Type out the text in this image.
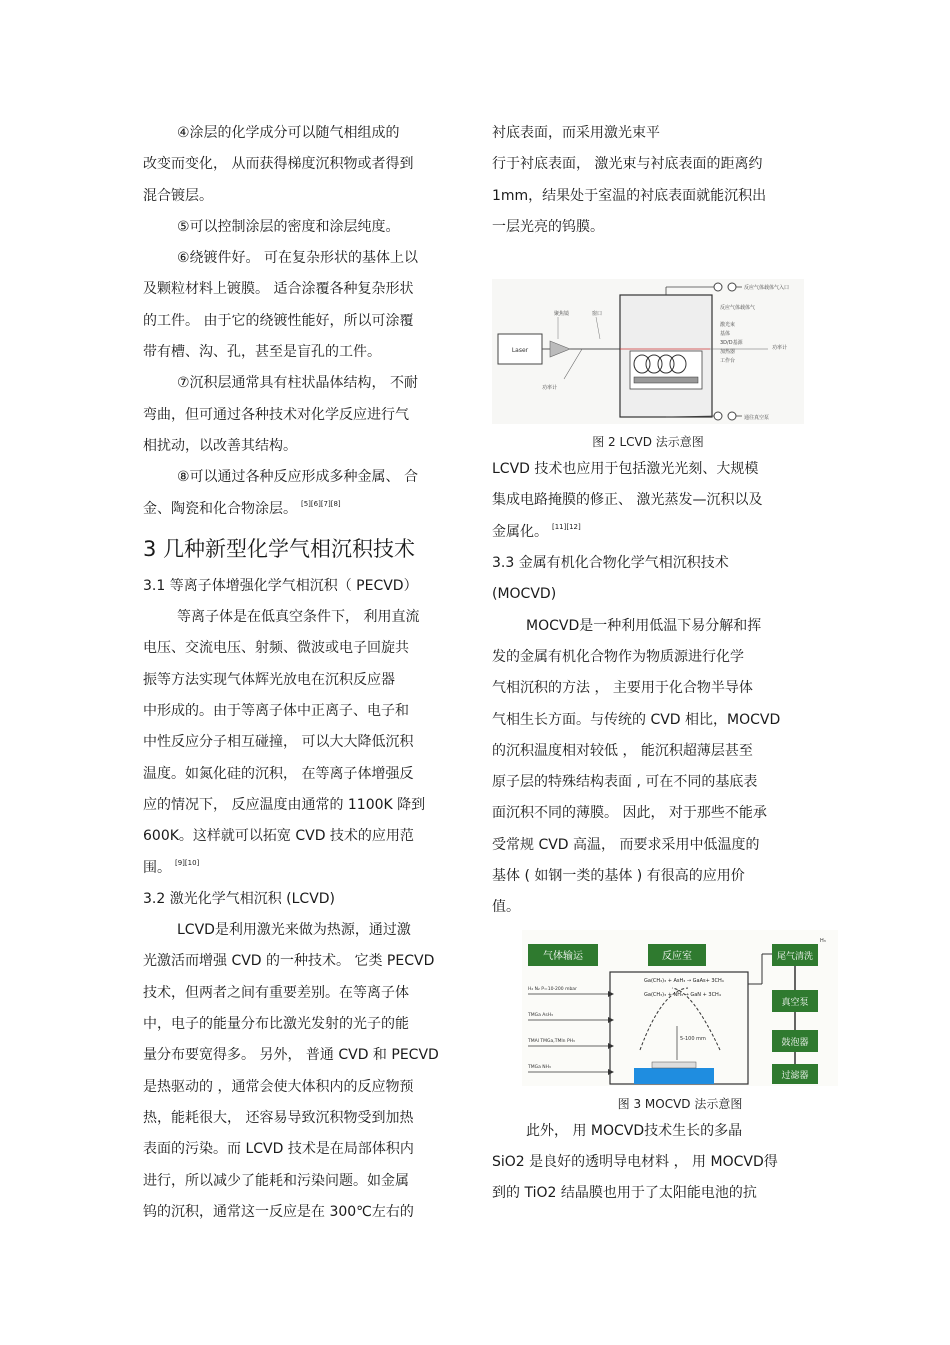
④涂层的化学成分可以随气相组成的
改变而变化， 从而获得梯度沉积物或者得到
混合镀层。
⑤可以控制涂层的密度和涂层纯度。
⑥绕镀件好。 可在复杂形状的基体上以
及颗粒材料上镀膜。 适合涂覆各种复杂形状
的工件。 由于它的绕镀性能好，所以可涂覆
带有槽、沟、孔，甚至是盲孔的工件。
⑦沉积层通常具有柱状晶体结构， 不耐
弯曲，但可通过各种技术对化学反应进行气
相扰动，以改善其结构。
⑧可以通过各种反应形成多种金属、 合
金、陶瓷和化合物涂层。 [5][6][7][8]
3 几种新型化学气相沉积技术
3.1 等离子体增强化学气相沉积（ PECVD）
等离子体是在低真空条件下， 利用直流
电压、交流电压、射频、微波或电子回旋共
振等方法实现气体辉光放电在沉积反应器
中形成的。由于等离子体中正离子、电子和
中性反应分子相互碰撞， 可以大大降低沉积
温度。如氮化硅的沉积， 在等离子体增强反
应的情况下， 反应温度由通常的 1100K 降到
600K。这样就可以拓宽 CVD 技术的应用范
围。 [9][10]
3.2 激光化学气相沉积 (LCVD)
LCVD是利用激光来做为热源，通过激
光激活而增强 CVD 的一种技术。 它类 PECVD
技术，但两者之间有重要差别。在等离子体
中，电子的能量分布比激光发射的光子的能
量分布要宽得多。 另外， 普通 CVD 和 PECVD
是热驱动的 ，通常会使大体积内的反应物预
热，能耗很大， 还容易导致沉积物受到加热
表面的污染。而 LCVD 技术是在局部体积内
进行，所以减少了能耗和污染问题。如金属
钨的沉积，通常这一反应是在 300℃左右的
衬底表面，而采用激光束平
行于衬底表面， 激光束与衬底表面的距离约
1mm，结果处于室温的衬底表面就能沉积出
一层光亮的钨膜。
Laser
聚焦镜	窗口
功率计
反应气体载体气入口
反应气体载体气
激光束
基体
3D/D基源
加热器
工作台
功率计
通往真空泵
图 2 LCVD 法示意图
LCVD 技术也应用于包括激光光刻、大规模
集成电路掩膜的修正、 激光蒸发—沉积以及
金属化。 [11][12]
3.3 金属有机化合物化学气相沉积技术
(MOCVD)
MOCVD是一种利用低温下易分解和挥
发的金属有机化合物作为物质源进行化学
气相沉积的方法 ， 主要用于化合物半导体
气相生长方面。与传统的 CVD 相比，MOCVD
的沉积温度相对较低 ， 能沉积超薄层甚至
原子层的特殊结构表面 , 可在不同的基底表
面沉积不同的薄膜。 因此， 对于那些不能承
受常规 CVD 高温， 而要求采用中低温度的
基体 ( 如钢一类的基体 ) 有很高的应用价
值。
气体输运	反应室
5-100 mm
Ga(CH₃)₃ + AsH₃ → GaAs+ 3CH₄
Ga(CH₃)₃ + NH₃ → GaN + 3CH₄
H₂ N₂ P=10-200 mbar
TMGa AsH₃
TMAl TMGa,TMIn PH₃
TMGa NH₃
尾气清洗
H₃
真空泵
鼓泡器
过滤器
图 3 MOCVD 法示意图
此外， 用 MOCVD技术生长的多晶
SiO2 是良好的透明导电材料 ， 用 MOCVD得
到的 TiO2 结晶膜也用于了太阳能电池的抗
